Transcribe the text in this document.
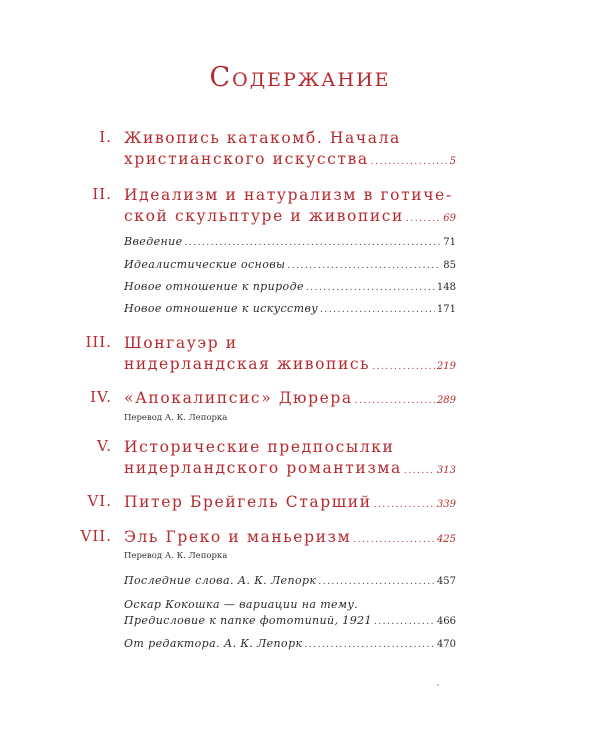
Содержание
I. Живопись катакомб. Начала
христианского искусства .....	5
II. Идеализм и натурализм в готиче-
ской скульптуре и живописи .....	69
Введение .....	71
Идеалистические основы .....	85
Новое отношение к природе .....	148
Новое отношение к искусству .....	171
III. Шонгауэр и
нидерландская живопись .....	219
IV. «Апокалипсис» Дюрера .....	289
Перевод А. К. Лепорка
V. Исторические предпосылки
нидерландского романтизма .....	313
VI. Питер Брейгель Старший .....	339
VII. Эль Греко и маньеризм .....	425
Перевод А. К. Лепорка
Последние слова. А. К. Лепорк .....	457
Оскар Кокошка — вариации на тему.
Предисловие к папке фототипий, 1921 .....	466
От редактора. А. К. Лепорк .....	470
